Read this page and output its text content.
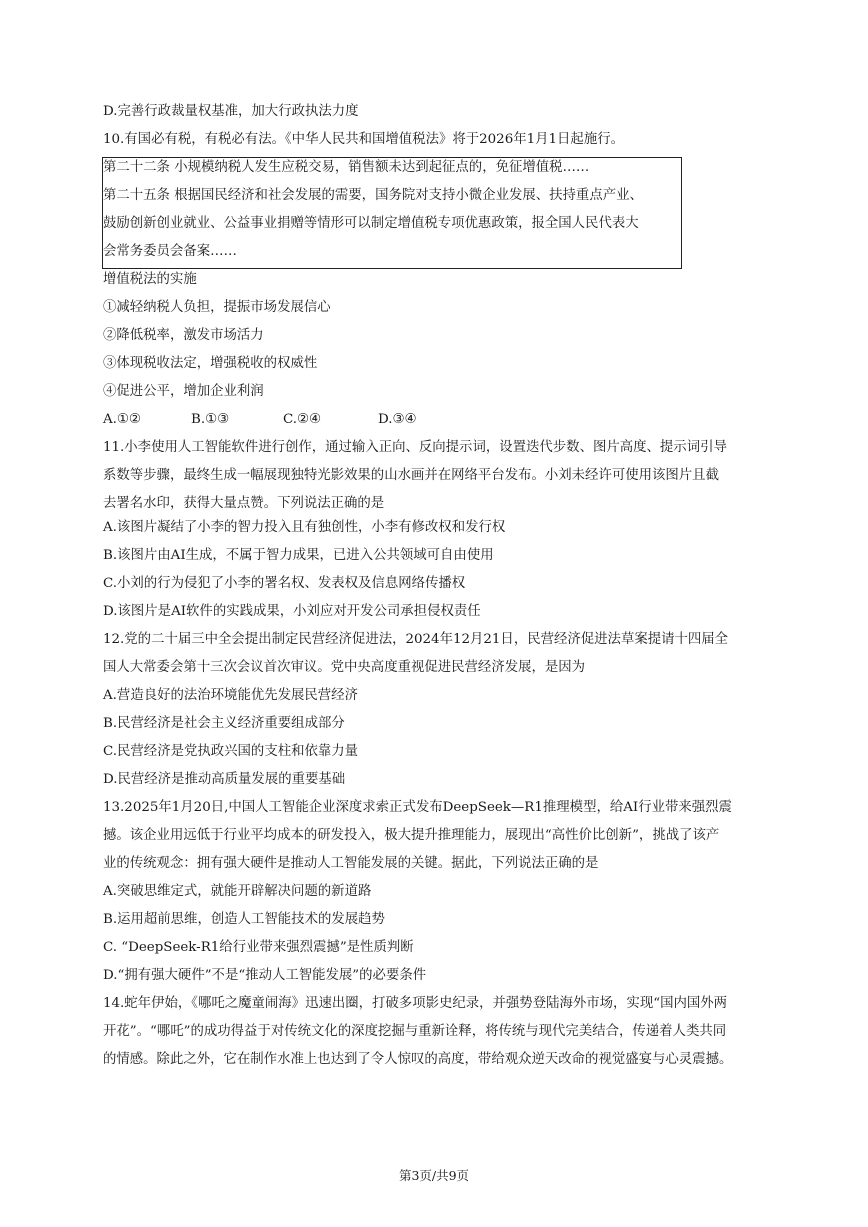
D.完善行政裁量权基准，加大行政执法力度
10.有国必有税，有税必有法。《中华人民共和国增值税法》将于2026年1月1日起施行。
第二十二条 小规模纳税人发生应税交易，销售额未达到起征点的，免征增值税……
第二十五条 根据国民经济和社会发展的需要，国务院对支持小微企业发展、扶持重点产业、
鼓励创新创业就业、公益事业捐赠等情形可以制定增值税专项优惠政策，报全国人民代表大
会常务委员会备案……
增值税法的实施
①减轻纳税人负担，提振市场发展信心
②降低税率，激发市场活力
③体现税收法定，增强税收的权威性
④促进公平，增加企业利润
A.①②	B.①③	C.②④	D.③④
11.小李使用人工智能软件进行创作，通过输入正向、反向提示词，设置迭代步数、图片高度、提示词引导
系数等步骤，最终生成一幅展现独特光影效果的山水画并在网络平台发布。小刘未经许可使用该图片且截
去署名水印，获得大量点赞。下列说法正确的是
A.该图片凝结了小李的智力投入且有独创性，小李有修改权和发行权
B.该图片由AI生成，不属于智力成果，已进入公共领域可自由使用
C.小刘的行为侵犯了小李的署名权、发表权及信息网络传播权
D.该图片是AI软件的实践成果，小刘应对开发公司承担侵权责任
12.党的二十届三中全会提出制定民营经济促进法，2024年12月21日，民营经济促进法草案提请十四届全
国人大常委会第十三次会议首次审议。党中央高度重视促进民营经济发展，是因为
A.营造良好的法治环境能优先发展民营经济
B.民营经济是社会主义经济重要组成部分
C.民营经济是党执政兴国的支柱和依靠力量
D.民营经济是推动高质量发展的重要基础
13.2025年1月20日,中国人工智能企业深度求索正式发布DeepSeek—R1推理模型，给AI行业带来强烈震
撼。该企业用远低于行业平均成本的研发投入，极大提升推理能力，展现出“高性价比创新”，挑战了该产
业的传统观念：拥有强大硬件是推动人工智能发展的关键。据此，下列说法正确的是
A.突破思维定式，就能开辟解决问题的新道路
B.运用超前思维，创造人工智能技术的发展趋势
C. “DeepSeek-R1给行业带来强烈震撼”是性质判断
D.“拥有强大硬件”不是“推动人工智能发展”的必要条件
14.蛇年伊始，《哪吒之魔童闹海》迅速出圈，打破多项影史纪录，并强势登陆海外市场，实现“国内国外两
开花”。“哪吒”的成功得益于对传统文化的深度挖掘与重新诠释，将传统与现代完美结合，传递着人类共同
的情感。除此之外，它在制作水准上也达到了令人惊叹的高度，带给观众逆天改命的视觉盛宴与心灵震撼。
第3页/共9页
